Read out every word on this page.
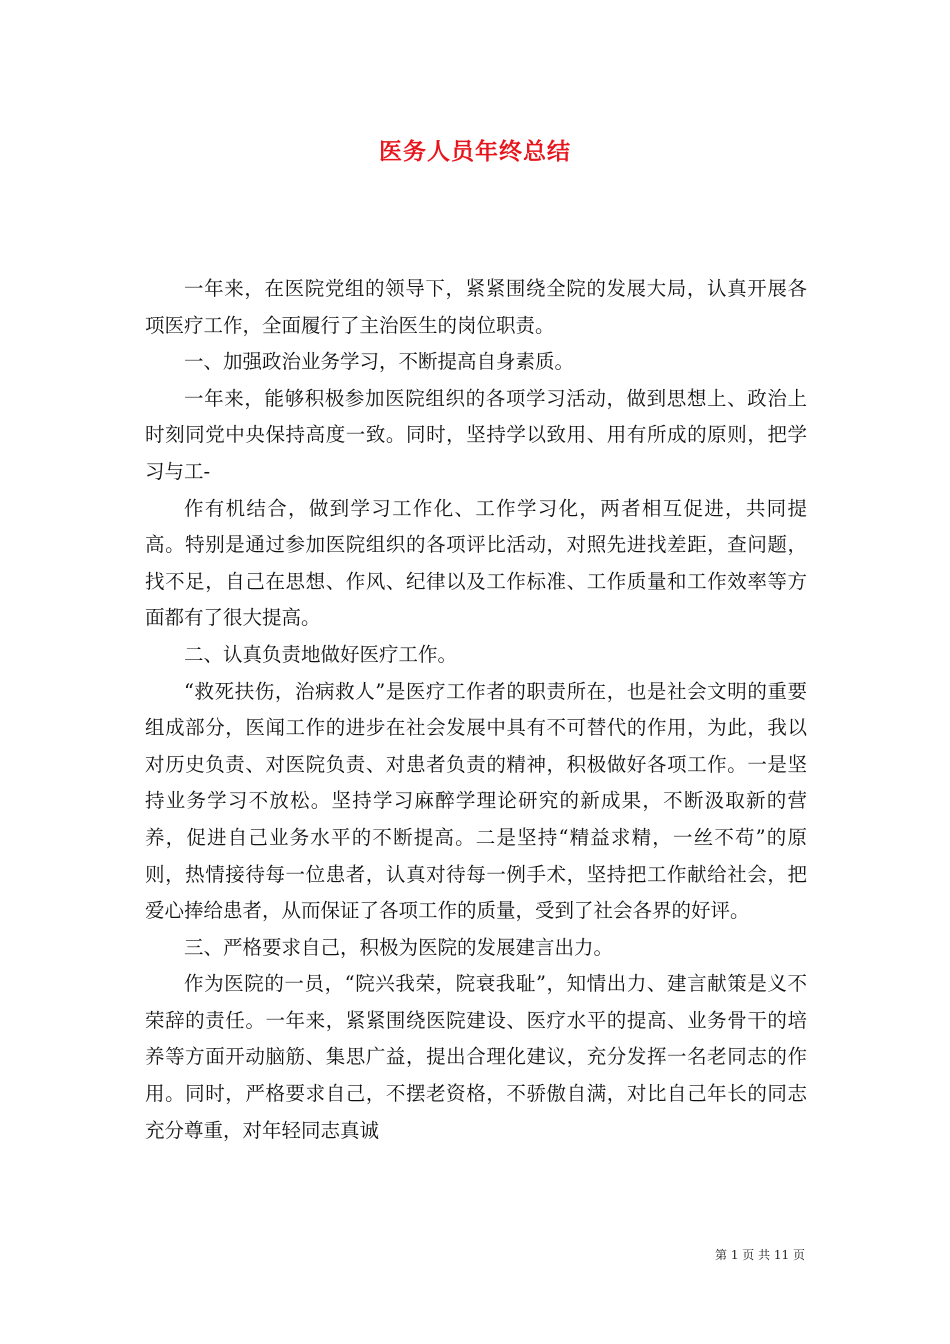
医务人员年终总结

一年来，在医院党组的领导下，紧紧围绕全院的发展大局，认真开展各项医疗工作，全面履行了主治医生的岗位职责。

一、加强政治业务学习，不断提高自身素质。

一年来，能够积极参加医院组织的各项学习活动，做到思想上、政治上时刻同党中央保持高度一致。同时，坚持学以致用、用有所成的原则，把学习与工-

作有机结合，做到学习工作化、工作学习化，两者相互促进，共同提高。特别是通过参加医院组织的各项评比活动，对照先进找差距，查问题，找不足，自己在思想、作风、纪律以及工作标准、工作质量和工作效率等方面都有了很大提高。

二、认真负责地做好医疗工作。

“救死扶伤，治病救人”是医疗工作者的职责所在，也是社会文明的重要组成部分，医闻工作的进步在社会发展中具有不可替代的作用，为此，我以对历史负责、对医院负责、对患者负责的精神，积极做好各项工作。一是坚持业务学习不放松。坚持学习麻醉学理论研究的新成果，不断汲取新的营养，促进自己业务水平的不断提高。二是坚持“精益求精，一丝不苟”的原则，热情接待每一位患者，认真对待每一例手术，坚持把工作献给社会，把爱心捧给患者，从而保证了各项工作的质量，受到了社会各界的好评。

三、严格要求自己，积极为医院的发展建言出力。

作为医院的一员，“院兴我荣，院衰我耻”，知情出力、建言献策是义不荣辞的责任。一年来，紧紧围绕医院建设、医疗水平的提高、业务骨干的培养等方面开动脑筋、集思广益，提出合理化建议，充分发挥一名老同志的作用。同时，严格要求自己，不摆老资格，不骄傲自满，对比自己年长的同志充分尊重，对年轻同志真诚

第 1 页 共 11 页
